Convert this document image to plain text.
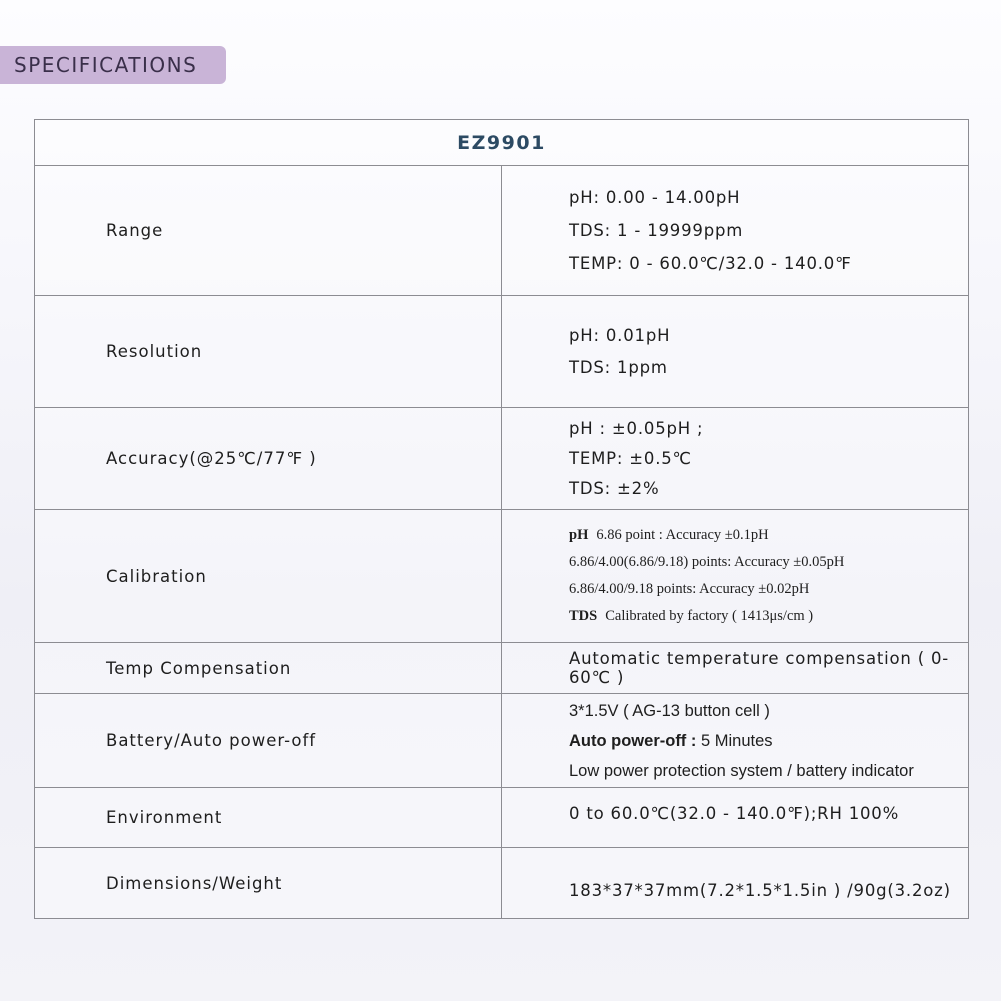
SPECIFICATIONS
EZ9901	
Range	pH: 0.00 - 14.00pH
TDS: 1 - 19999ppm
TEMP: 0 - 60.0℃/32.0 - 140.0℉

Resolution	pH: 0.01pH
TDS: 1ppm

Accuracy(@25℃/77℉ )	pH : ±0.05pH ;
TEMP: ±0.5℃
TDS: ±2%

Calibration	pH 6.86 point : Accuracy ±0.1pH
6.86/4.00(6.86/9.18) points: Accuracy ±0.05pH
6.86/4.00/9.18 points: Accuracy ±0.02pH
TDS Calibrated by factory ( 1413μs/cm )

Temp Compensation	Automatic temperature compensation ( 0-60℃ )
Battery/Auto power-off	3*1.5V ( AG-13 button cell )
Auto power-off : 5 Minutes
Low power protection system / battery indicator

Environment	0 to 60.0℃(32.0 - 140.0℉);RH 100%
Dimensions/Weight	183*37*37mm(7.2*1.5*1.5in ) /90g(3.2oz)
